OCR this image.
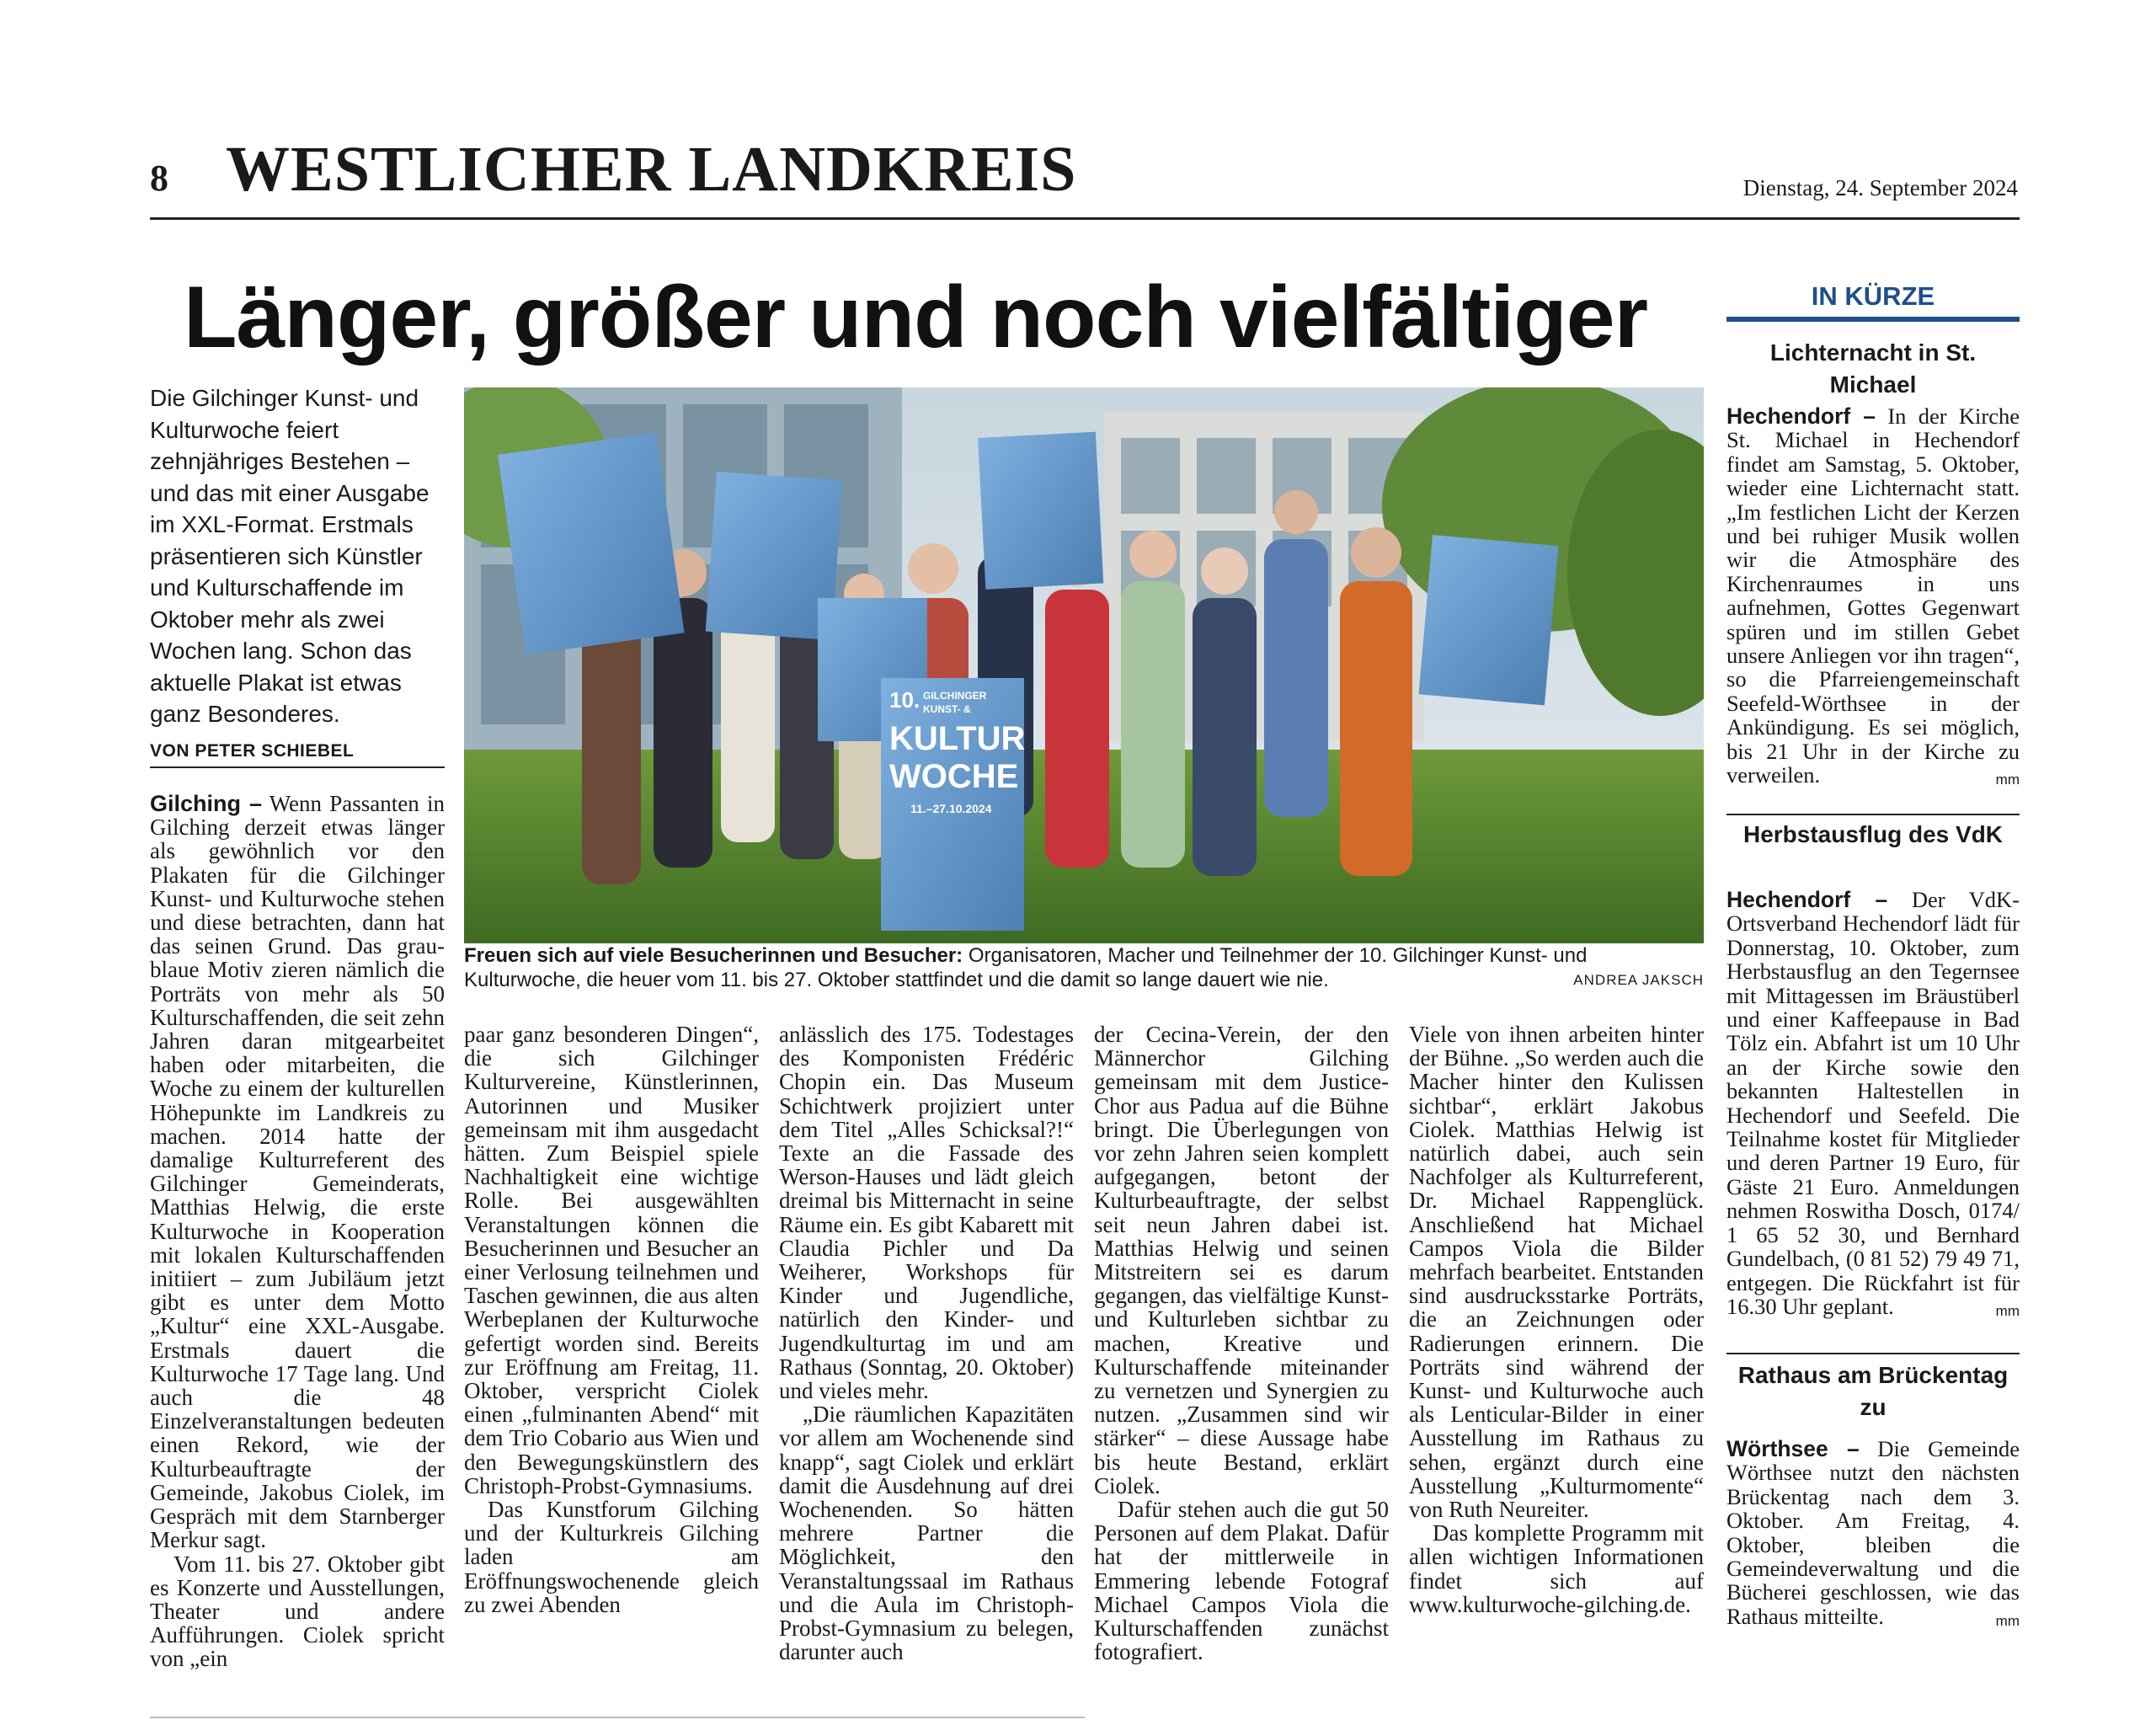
8 WESTLICHER LANDKREIS	Dienstag, 24. September 2024
Länger, größer und noch vielfältiger
Die Gilchinger Kunst- und Kulturwoche feiert zehnjähriges Bestehen – und das mit einer Ausgabe im XXL-Format. Erstmals präsentieren sich Künstler und Kulturschaffende im Oktober mehr als zwei Wochen lang. Schon das aktuelle Plakat ist etwas ganz Besonderes.
VON PETER SCHIEBEL
10. GILCHINGER
KUNST- &
KULTUR
WOCHE
11.–27.10.2024
Freuen sich auf viele Besucherinnen und Besucher: Organisatoren, Macher und Teilnehmer der 10. Gilchinger Kunst- und Kulturwoche, die heuer vom 11. bis 27. Oktober stattfindet und die damit so lange dauert wie nie.	ANDREA JAKSCH

Gilching – Wenn Passanten in Gilching derzeit etwas länger als gewöhnlich vor den Plakaten für die Gilchinger Kunst- und Kulturwoche stehen und diese betrachten, dann hat das seinen Grund. Das grau-blaue Motiv zieren nämlich die Porträts von mehr als 50 Kulturschaffenden, die seit zehn Jahren daran mitgearbeitet haben oder mitarbeiten, die Woche zu einem der kulturellen Höhepunkte im Landkreis zu machen. 2014 hatte der damalige Kulturreferent des Gilchinger Gemeinderats, Matthias Helwig, die erste Kulturwoche in Kooperation mit lokalen Kulturschaffenden initiiert – zum Jubiläum jetzt gibt es unter dem Motto „Kultur“ eine XXL-Ausgabe. Erstmals dauert die Kulturwoche 17 Tage lang. Und auch die 48 Einzelveranstaltungen bedeuten einen Rekord, wie der Kulturbeauftragte der Gemeinde, Jakobus Ciolek, im Gespräch mit dem Starnberger Merkur sagt.

Vom 11. bis 27. Oktober gibt es Konzerte und Ausstellungen, Theater und andere Aufführungen. Ciolek spricht von „ein

paar ganz besonderen Dingen“, die sich Gilchinger Kulturvereine, Künstlerinnen, Autorinnen und Musiker gemeinsam mit ihm ausgedacht hätten. Zum Beispiel spiele Nachhaltigkeit eine wichtige Rolle. Bei ausgewählten Veranstaltungen können die Besucherinnen und Besucher an einer Verlosung teilnehmen und Taschen gewinnen, die aus alten Werbeplanen der Kulturwoche gefertigt worden sind. Bereits zur Eröffnung am Freitag, 11. Oktober, verspricht Ciolek einen „fulminanten Abend“ mit dem Trio Cobario aus Wien und den Bewegungskünstlern des Christoph-Probst-Gymnasiums.

Das Kunstforum Gilching und der Kulturkreis Gilching laden am Eröffnungswochenende gleich zu zwei Abenden

anlässlich des 175. Todestages des Komponisten Frédéric Chopin ein. Das Museum Schichtwerk projiziert unter dem Titel „Alles Schicksal?!“ Texte an die Fassade des Werson-Hauses und lädt gleich dreimal bis Mitternacht in seine Räume ein. Es gibt Kabarett mit Claudia Pichler und Da Weiherer, Workshops für Kinder und Jugendliche, natürlich den Kinder- und Jugendkulturtag im und am Rathaus (Sonntag, 20. Oktober) und vieles mehr.

„Die räumlichen Kapazitäten vor allem am Wochenende sind knapp“, sagt Ciolek und erklärt damit die Ausdehnung auf drei Wochenenden. So hätten mehrere Partner die Möglichkeit, den Veranstaltungssaal im Rathaus und die Aula im Christoph-Probst-Gymnasium zu belegen, darunter auch

der Cecina-Verein, der den Männerchor Gilching gemeinsam mit dem Justice-Chor aus Padua auf die Bühne bringt. Die Überlegungen von vor zehn Jahren seien komplett aufgegangen, betont der Kulturbeauftragte, der selbst seit neun Jahren dabei ist. Matthias Helwig und seinen Mitstreitern sei es darum gegangen, das vielfältige Kunst- und Kulturleben sichtbar zu machen, Kreative und Kulturschaffende miteinander zu vernetzen und Synergien zu nutzen. „Zusammen sind wir stärker“ – diese Aussage habe bis heute Bestand, erklärt Ciolek.

Dafür stehen auch die gut 50 Personen auf dem Plakat. Dafür hat der mittlerweile in Emmering lebende Fotograf Michael Campos Viola die Kulturschaffenden zunächst fotografiert.

Viele von ihnen arbeiten hinter der Bühne. „So werden auch die Macher hinter den Kulissen sichtbar“, erklärt Jakobus Ciolek. Matthias Helwig ist natürlich dabei, auch sein Nachfolger als Kulturreferent, Dr. Michael Rappenglück. Anschließend hat Michael Campos Viola die Bilder mehrfach bearbeitet. Entstanden sind ausdrucksstarke Porträts, die an Zeichnungen oder Radierungen erinnern. Die Porträts sind während der Kunst- und Kulturwoche auch als Lenticular-Bilder in einer Ausstellung im Rathaus zu sehen, ergänzt durch eine Ausstellung „Kulturmomente“ von Ruth Neureiter.

Das komplette Programm mit allen wichtigen Informationen findet sich auf www.kulturwoche-gilching.de.

IN KÜRZE
Lichternacht in St. Michael
Hechendorf – In der Kirche St. Michael in Hechendorf findet am Samstag, 5. Oktober, wieder eine Lichternacht statt. „Im festlichen Licht der Kerzen und bei ruhiger Musik wollen wir die Atmosphäre des Kirchenraumes in uns aufnehmen, Gottes Gegenwart spüren und im stillen Gebet unsere Anliegen vor ihn tragen“, so die Pfarreiengemeinschaft Seefeld-Wörthsee in der Ankündigung. Es sei möglich, bis 21 Uhr in der Kirche zu verweilen.	mm
Herbstausflug des VdK
Hechendorf – Der VdK-Ortsverband Hechendorf lädt für Donnerstag, 10. Oktober, zum Herbstausflug an den Tegernsee mit Mittagessen im Bräustüberl und einer Kaffeepause in Bad Tölz ein. Abfahrt ist um 10 Uhr an der Kirche sowie den bekannten Haltestellen in Hechendorf und Seefeld. Die Teilnahme kostet für Mitglieder und deren Partner 19 Euro, für Gäste 21 Euro. Anmeldungen nehmen Roswitha Dosch, 0174/ 1 65 52 30, und Bernhard Gundelbach, (0 81 52) 79 49 71, entgegen. Die Rückfahrt ist für 16.30 Uhr geplant.	mm
Rathaus am Brückentag zu
Wörthsee – Die Gemeinde Wörthsee nutzt den nächsten Brückentag nach dem 3. Oktober. Am Freitag, 4. Oktober, bleiben die Gemeindeverwaltung und die Bücherei geschlossen, wie das Rathaus mitteilte.	mm
